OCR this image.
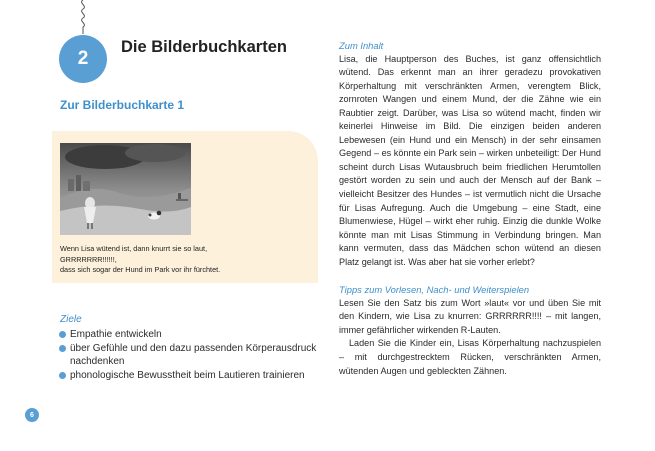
2
Die Bilderbuchkarten
Zur Bilderbuchkarte 1
Wenn Lisa wütend ist, dann knurrt sie so laut,
GRRRRRRR!!!!!!,
dass sich sogar der Hund im Park vor ihr fürchtet.
Ziele
Empathie entwickeln
über Gefühle und den dazu passenden Körperausdruck nachdenken
phonologische Bewusstheit beim Lautieren trainieren
6
Zum Inhalt

Lisa, die Hauptperson des Buches, ist ganz offensichtlich wütend. Das erkennt man an ihrer geradezu provokativen Körperhaltung mit verschränkten Armen, verengtem Blick, zornroten Wangen und einem Mund, der die Zähne wie ein Raubtier zeigt. Darüber, was Lisa so wütend macht, finden wir keinerlei Hinweise im Bild. Die einzigen beiden anderen Lebewesen (ein Hund und ein Mensch) in der sehr einsamen Gegend – es könnte ein Park sein – wirken unbeteiligt: Der Hund scheint durch Lisas Wutausbruch beim friedlichen Herumtollen gestört worden zu sein und auch der Mensch auf der Bank – vielleicht Besitzer des Hundes – ist vermutlich nicht die Ursache für Lisas Aufregung. Auch die Umgebung – eine Stadt, eine Blumenwiese, Hügel – wirkt eher ruhig. Einzig die dunkle Wolke könnte man mit Lisas Stimmung in Verbindung bringen. Man kann vermuten, dass das Mädchen schon wütend an diesen Platz gelangt ist. Was aber hat sie vorher erlebt?

Tipps zum Vorlesen, Nach- und Weiterspielen

Lesen Sie den Satz bis zum Wort »laut« vor und üben Sie mit den Kindern, wie Lisa zu knurren: GRRRRRR!!!! – mit langen, immer gefährlicher wirkenden R-Lauten.

Laden Sie die Kinder ein, Lisas Körperhaltung nachzuspielen – mit durchgestrecktem Rücken, verschränkten Armen, wütenden Augen und gebleckten Zähnen.
